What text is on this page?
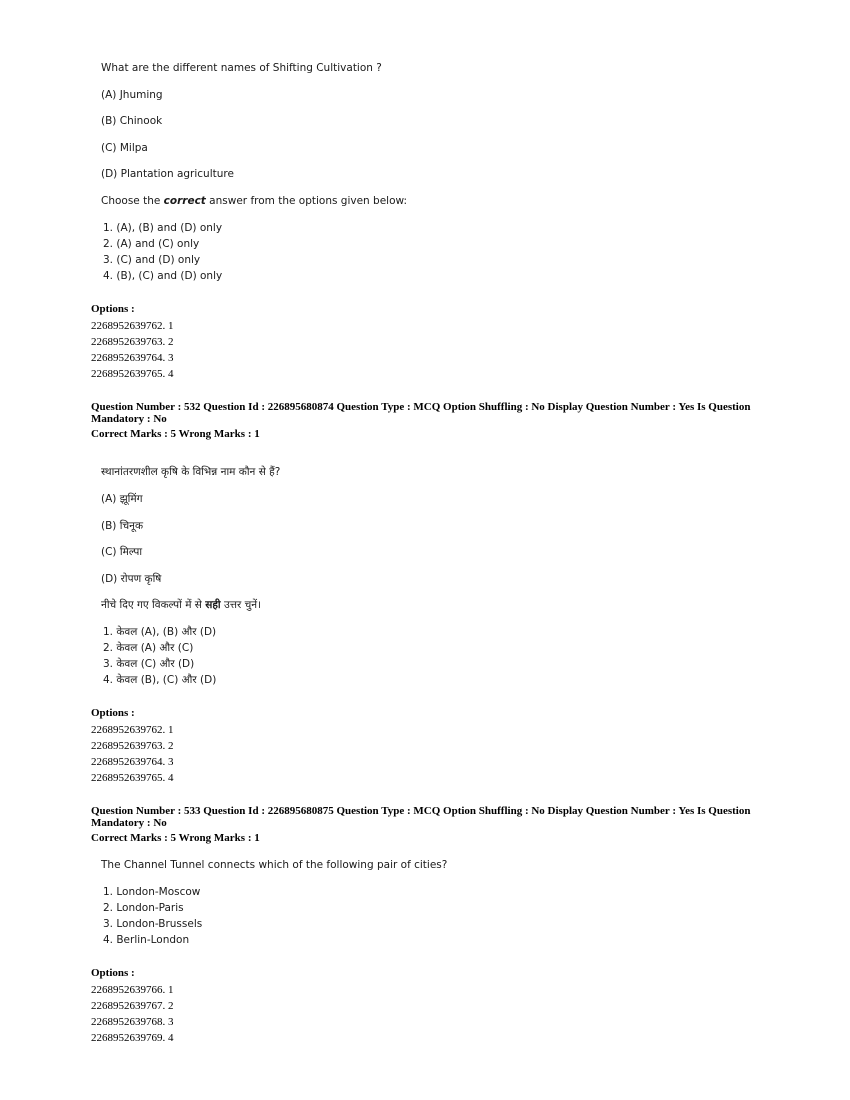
What are the different names of Shifting Cultivation ?
(A) Jhuming
(B) Chinook
(C) Milpa
(D) Plantation agriculture
Choose the correct answer from the options given below:
1. (A), (B) and (D) only
2. (A) and (C) only
3. (C) and (D) only
4. (B), (C) and (D) only
Options :
2268952639762. 1
2268952639763. 2
2268952639764. 3
2268952639765. 4
Question Number : 532 Question Id : 226895680874 Question Type : MCQ Option Shuffling : No Display Question Number : Yes Is Question
Mandatory : No
Correct Marks : 5 Wrong Marks : 1
स्थानांतरणशील कृषि के विभिन्न नाम कौन से हैं?
(A) झूमिंग
(B) चिनूक
(C) मिल्पा
(D) रोपण कृषि
नीचे दिए गए विकल्पों में से सही उत्तर चुनें।
1. केवल (A), (B) और (D)
2. केवल (A) और (C)
3. केवल (C) और (D)
4. केवल (B), (C) और (D)
Options :
2268952639762. 1
2268952639763. 2
2268952639764. 3
2268952639765. 4
Question Number : 533 Question Id : 226895680875 Question Type : MCQ Option Shuffling : No Display Question Number : Yes Is Question
Mandatory : No
Correct Marks : 5 Wrong Marks : 1
The Channel Tunnel connects which of the following pair of cities?
1. London-Moscow
2. London-Paris
3. London-Brussels
4. Berlin-London
Options :
2268952639766. 1
2268952639767. 2
2268952639768. 3
2268952639769. 4
